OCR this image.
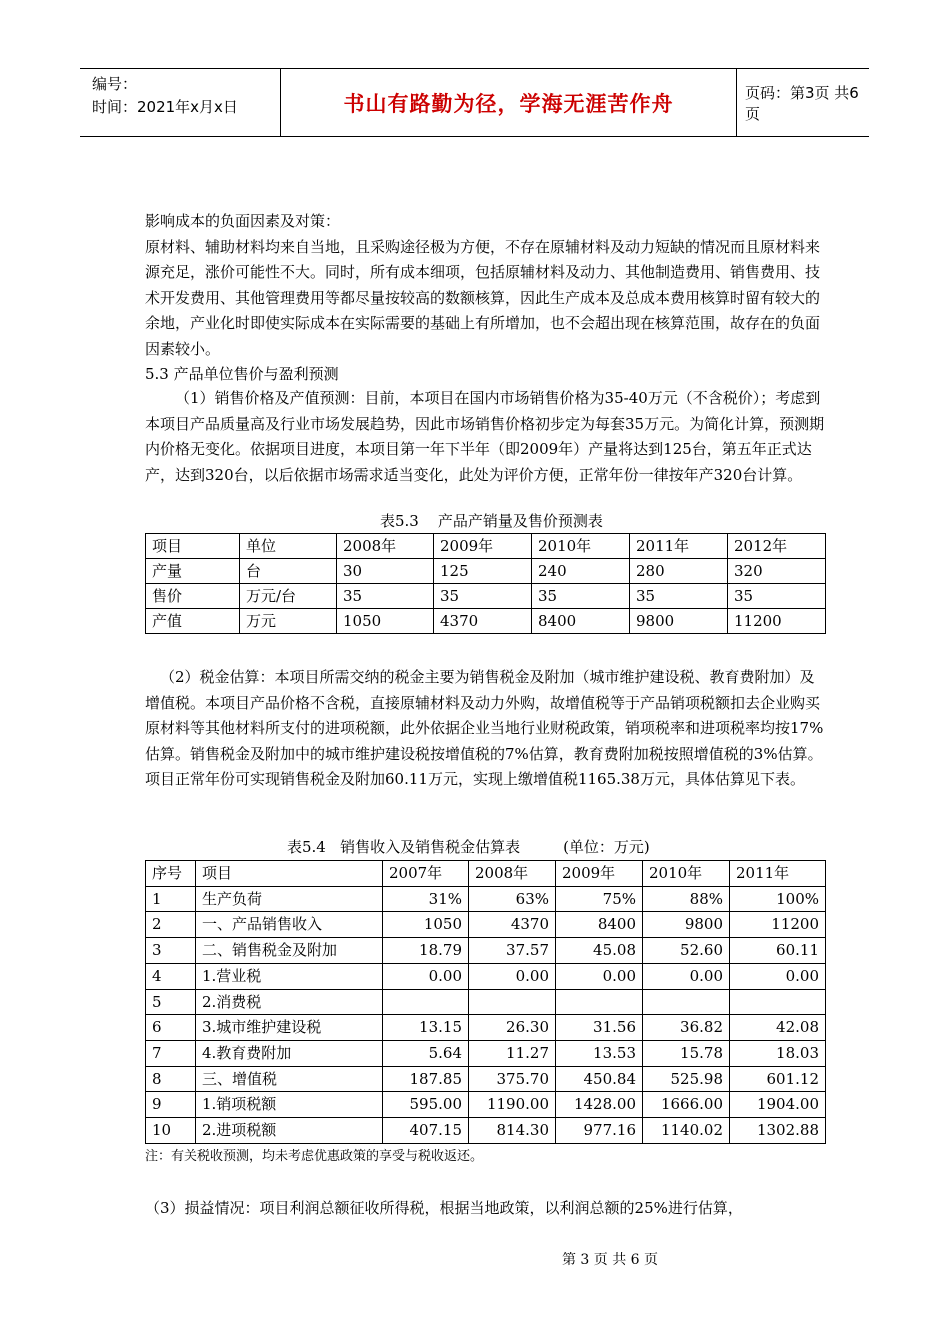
编号：
时间：2021年x月x日	书山有路勤为径，学海无涯苦作舟	页码：第3页 共6页
影响成本的负面因素及对策：
原材料、辅助材料均来自当地，且采购途径极为方便，不存在原辅材料及动力短缺的情况而且原材料来源充足，涨价可能性不大。同时，所有成本细项，包括原辅材料及动力、其他制造费用、销售费用、技术开发费用、其他管理费用等都尽量按较高的数额核算，因此生产成本及总成本费用核算时留有较大的余地，产业化时即使实际成本在实际需要的基础上有所增加，也不会超出现在核算范围，故存在的负面因素较小。
5.3 产品单位售价与盈利预测
（1）销售价格及产值预测：目前，本项目在国内市场销售价格为35-40万元（不含税价）；考虑到本项目产品质量高及行业市场发展趋势，因此市场销售价格初步定为每套35万元。为简化计算，预测期内价格无变化。依据项目进度，本项目第一年下半年（即2009年）产量将达到125台，第五年正式达产，达到320台，以后依据市场需求适当变化，此处为评价方便，正常年份一律按年产320台计算。
表5.3    产品产销量及售价预测表
项目	单位	2008年	2009年	2010年	2011年	2012年
产量	台	30	125	240	280	320
售价	万元/台	35	35	35	35	35
产值	万元	1050	4370	8400	9800	11200
（2）税金估算：本项目所需交纳的税金主要为销售税金及附加（城市维护建设税、教育费附加）及增值税。本项目产品价格不含税，直接原辅材料及动力外购，故增值税等于产品销项税额扣去企业购买原材料等其他材料所支付的进项税额，此外依据企业当地行业财税政策，销项税率和进项税率均按17%估算。销售税金及附加中的城市维护建设税按增值税的7%估算，教育费附加税按照增值税的3%估算。项目正常年份可实现销售税金及附加60.11万元，实现上缴增值税1165.38万元，具体估算见下表。
表5.4   销售收入及销售税金估算表         (单位：万元)
序号	项目	2007年	2008年	2009年	2010年	2011年
1	生产负荷	31%	63%	75%	88%	100%
2	一、产品销售收入	1050	4370	8400	9800	11200
3	二、销售税金及附加	18.79	37.57	45.08	52.60	60.11
4	1.营业税	0.00	0.00	0.00	0.00	0.00
5	2.消费税					
6	3.城市维护建设税	13.15	26.30	31.56	36.82	42.08
7	4.教育费附加	5.64	11.27	13.53	15.78	18.03
8	三、增值税	187.85	375.70	450.84	525.98	601.12
9	1.销项税额	595.00	1190.00	1428.00	1666.00	1904.00
10	2.进项税额	407.15	814.30	977.16	1140.02	1302.88
注：有关税收预测，均未考虑优惠政策的享受与税收返还。
（3）损益情况：项目利润总额征收所得税，根据当地政策，以利润总额的25%进行估算，
第 3 页 共 6 页
